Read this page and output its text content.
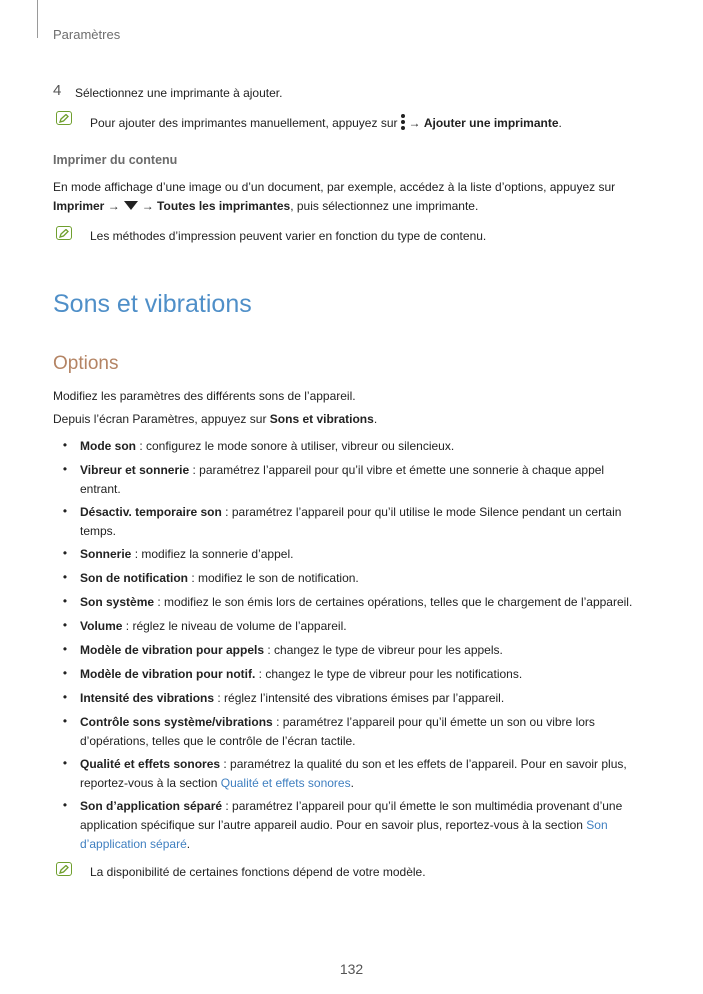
Paramètres
4 Sélectionnez une imprimante à ajouter.
Pour ajouter des imprimantes manuellement, appuyez sur → Ajouter une imprimante.
Imprimer du contenu
En mode affichage d’une image ou d’un document, par exemple, accédez à la liste d’options, appuyez sur
Imprimer → → Toutes les imprimantes, puis sélectionnez une imprimante.
Les méthodes d’impression peuvent varier en fonction du type de contenu.
Sons et vibrations
Options
Modifiez les paramètres des différents sons de l’appareil.
Depuis l’écran Paramètres, appuyez sur Sons et vibrations.
• Mode son : configurez le mode sonore à utiliser, vibreur ou silencieux.
• Vibreur et sonnerie : paramétrez l’appareil pour qu’il vibre et émette une sonnerie à chaque appel
entrant.
• Désactiv. temporaire son : paramétrez l’appareil pour qu’il utilise le mode Silence pendant un certain
temps.
• Sonnerie : modifiez la sonnerie d’appel.
• Son de notification : modifiez le son de notification.
• Son système : modifiez le son émis lors de certaines opérations, telles que le chargement de l’appareil.
• Volume : réglez le niveau de volume de l’appareil.
• Modèle de vibration pour appels : changez le type de vibreur pour les appels.
• Modèle de vibration pour notif. : changez le type de vibreur pour les notifications.
• Intensité des vibrations : réglez l’intensité des vibrations émises par l’appareil.
• Contrôle sons système/vibrations : paramétrez l’appareil pour qu’il émette un son ou vibre lors
d’opérations, telles que le contrôle de l’écran tactile.
• Qualité et effets sonores : paramétrez la qualité du son et les effets de l’appareil. Pour en savoir plus,
reportez-vous à la section Qualité et effets sonores.
• Son d’application séparé : paramétrez l’appareil pour qu’il émette le son multimédia provenant d’une
application spécifique sur l’autre appareil audio. Pour en savoir plus, reportez-vous à la section Son
d’application séparé.
La disponibilité de certaines fonctions dépend de votre modèle.
132
